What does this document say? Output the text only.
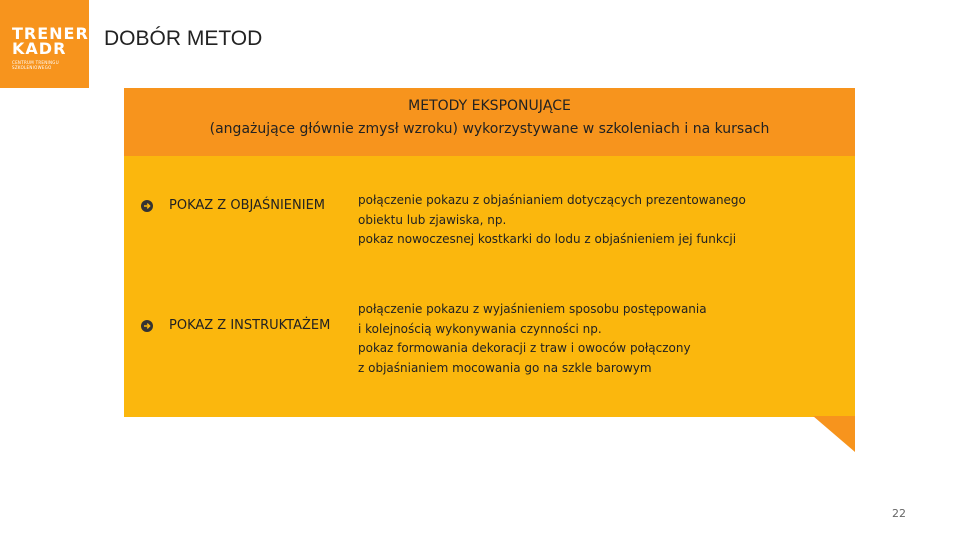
TRENER
KADR
CENTRUM TRENINGU SZKOLENIOWEGO
DOBÓR METOD
METODY EKSPONUJĄCE
(angażujące głównie zmysł wzroku) wykorzystywane w szkoleniach i na kursach
POKAZ Z OBJAŚNIENIEM	połączenie pokazu z objaśnianiem dotyczących prezentowanego
obiektu lub zjawiska, np.
pokaz nowoczesnej kostkarki do lodu z objaśnieniem jej funkcji
POKAZ Z INSTRUKTAŻEM
połączenie pokazu z wyjaśnieniem sposobu postępowania
i kolejnością wykonywania czynności np.
pokaz formowania dekoracji z traw i owoców połączony
z objaśnianiem mocowania go na szkle barowym
22
